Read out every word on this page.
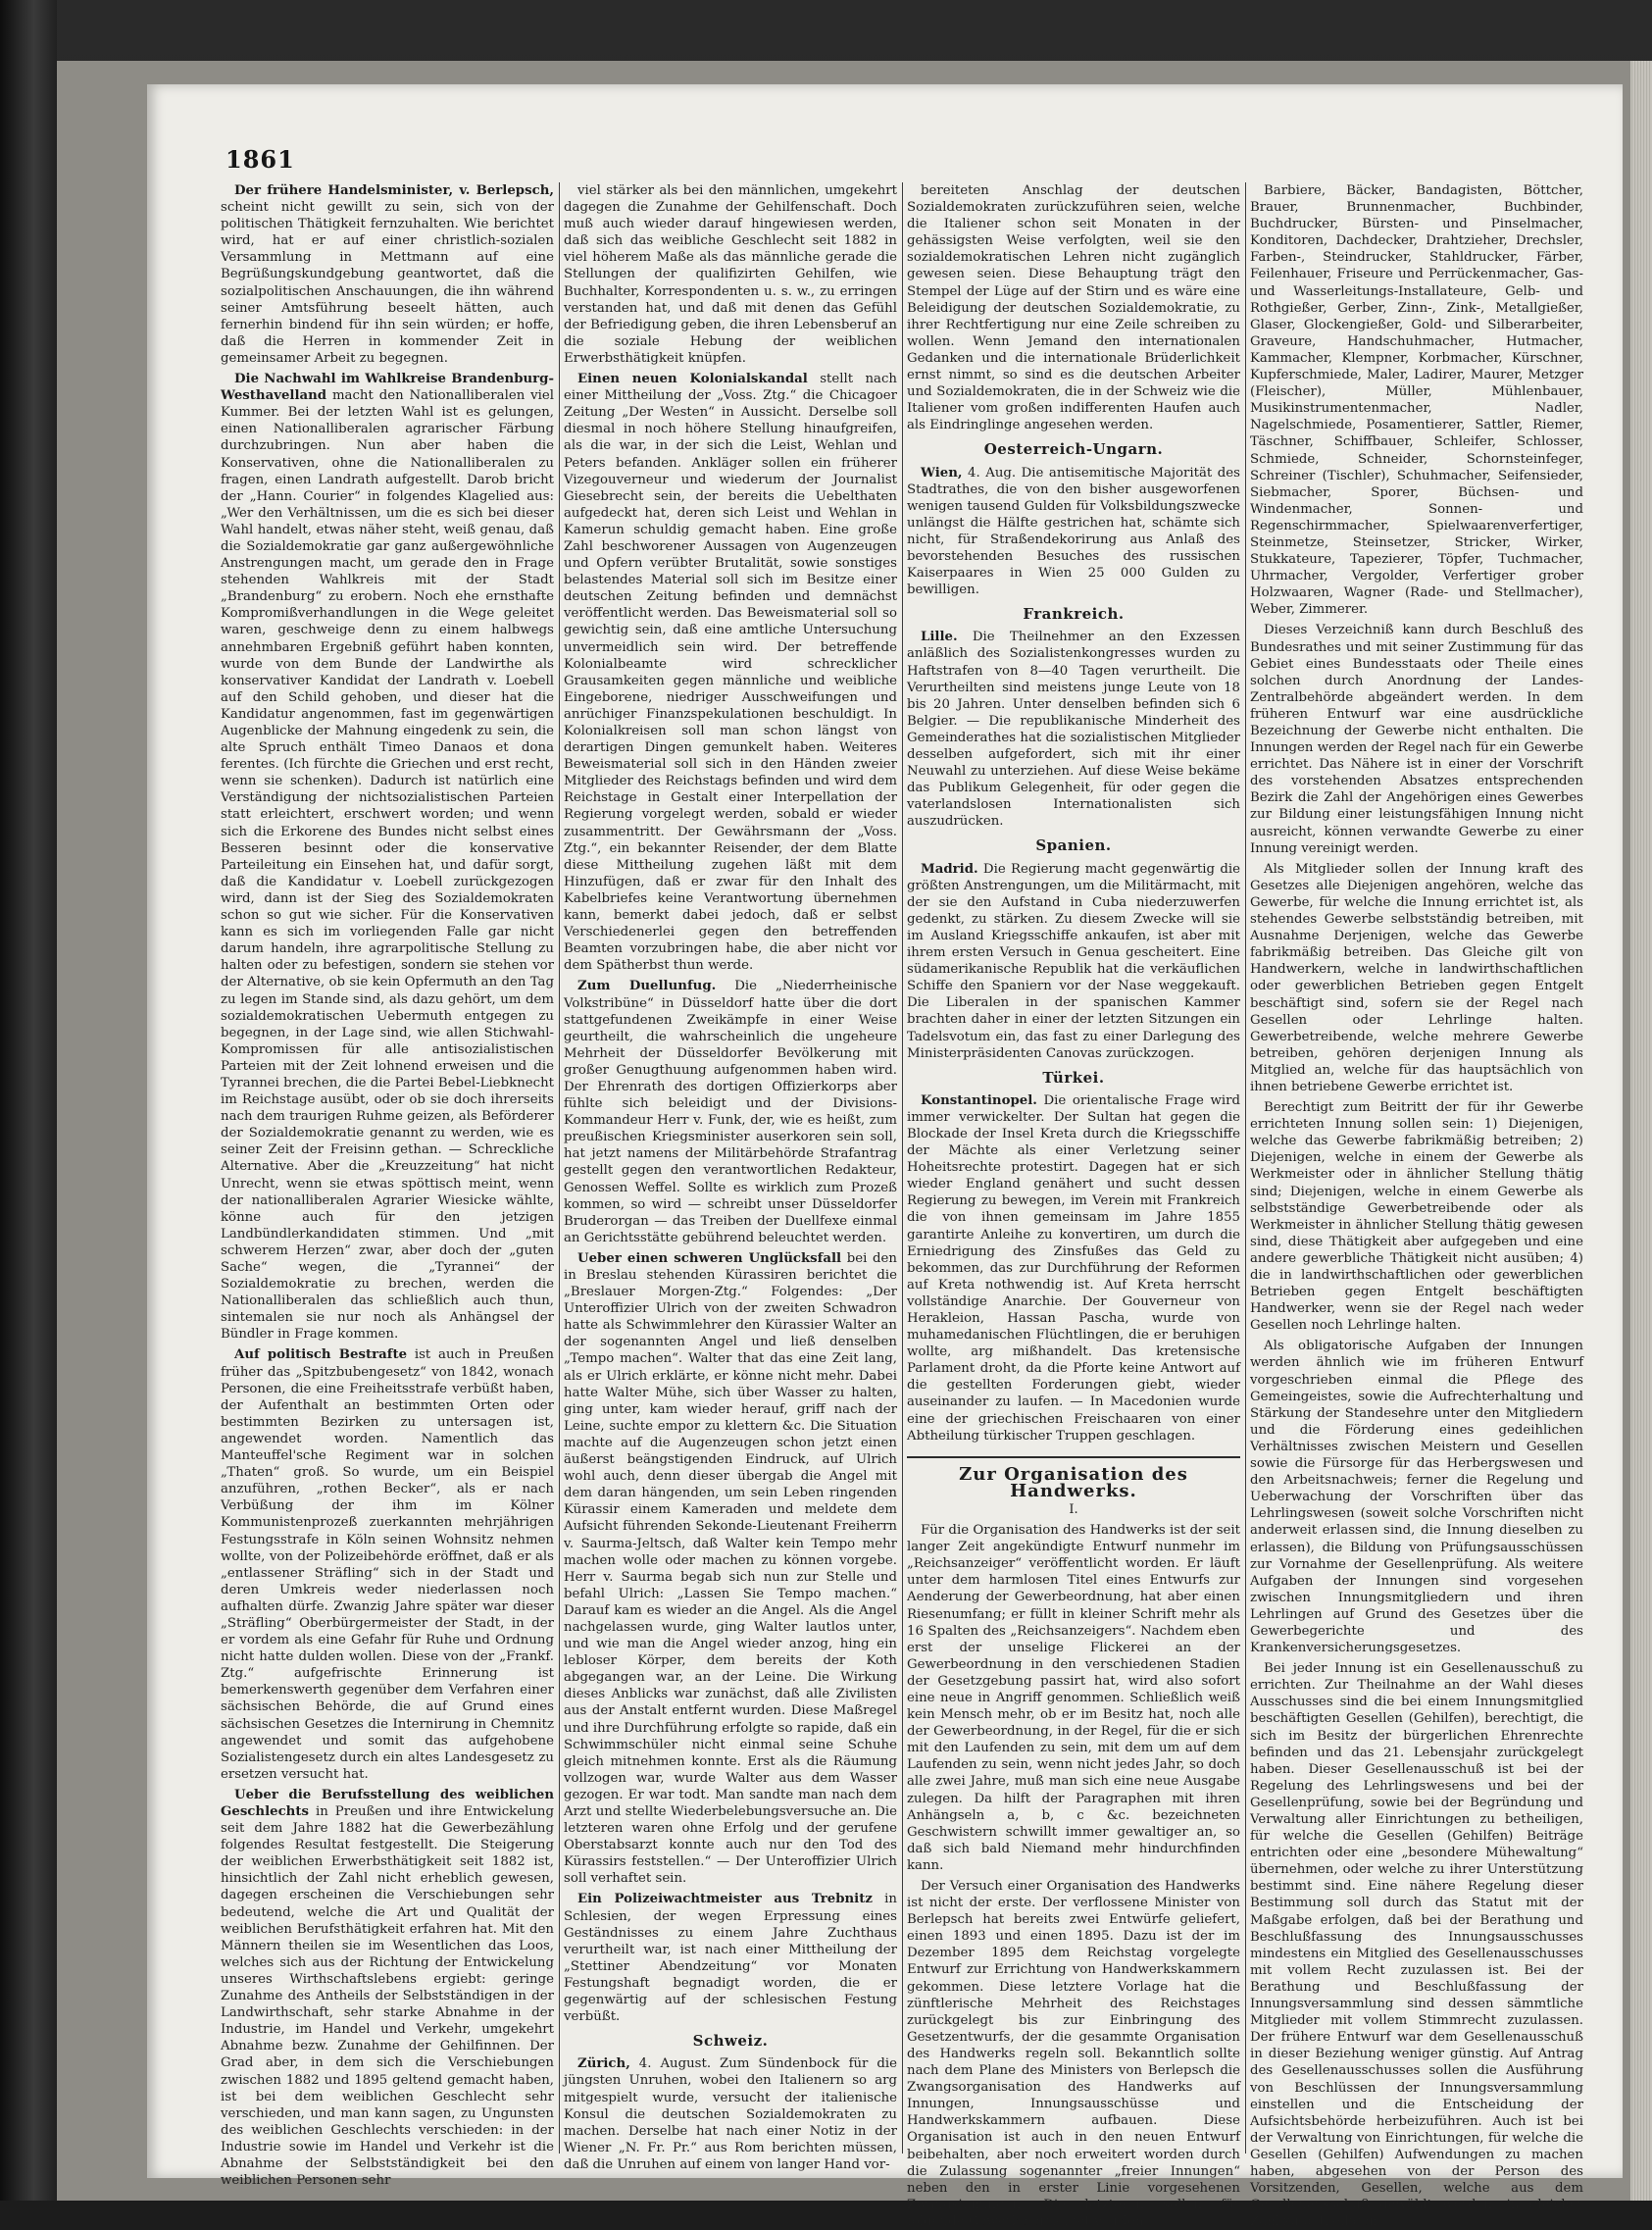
1861

Der frühere Handelsminister, v. Berlepsch, scheint nicht gewillt zu sein, sich von der politischen Thätigkeit fernzuhalten. Wie berichtet wird, hat er auf einer christlich-sozialen Versammlung in Mettmann auf eine Begrüßungskundgebung geantwortet, daß die sozialpolitischen Anschauungen, die ihn während seiner Amtsführung beseelt hätten, auch fernerhin bindend für ihn sein würden; er hoffe, daß die Herren in kommender Zeit in gemeinsamer Arbeit zu begegnen.

Die Nachwahl im Wahlkreise Brandenburg-Westhavelland macht den Nationalliberalen viel Kummer. Bei der letzten Wahl ist es gelungen, einen Nationalliberalen agrarischer Färbung durchzubringen. Nun aber haben die Konservativen, ohne die Nationalliberalen zu fragen, einen Landrath aufgestellt. Darob bricht der „Hann. Courier“ in folgendes Klagelied aus: „Wer den Verhältnissen, um die es sich bei dieser Wahl handelt, etwas näher steht, weiß genau, daß die Sozialdemokratie gar ganz außergewöhnliche Anstrengungen macht, um gerade den in Frage stehenden Wahlkreis mit der Stadt „Brandenburg“ zu erobern. Noch ehe ernsthafte Kompromißverhandlungen in die Wege geleitet waren, geschweige denn zu einem halbwegs annehmbaren Ergebniß geführt haben konnten, wurde von dem Bunde der Landwirthe als konservativer Kandidat der Landrath v. Loebell auf den Schild gehoben, und dieser hat die Kandidatur angenommen, fast im gegenwärtigen Augenblicke der Mahnung eingedenk zu sein, die alte Spruch enthält Timeo Danaos et dona ferentes. (Ich fürchte die Griechen und erst recht, wenn sie schenken). Dadurch ist natürlich eine Verständigung der nichtsozialistischen Parteien statt erleichtert, erschwert worden; und wenn sich die Erkorene des Bundes nicht selbst eines Besseren besinnt oder die konservative Parteileitung ein Einsehen hat, und dafür sorgt, daß die Kandidatur v. Loebell zurückgezogen wird, dann ist der Sieg des Sozialdemokraten schon so gut wie sicher. Für die Konservativen kann es sich im vorliegenden Falle gar nicht darum handeln, ihre agrarpolitische Stellung zu halten oder zu befestigen, sondern sie stehen vor der Alternative, ob sie kein Opfermuth an den Tag zu legen im Stande sind, als dazu gehört, um dem sozialdemokratischen Uebermuth entgegen zu begegnen, in der Lage sind, wie allen Stichwahl-Kompromissen für alle antisozialistischen Parteien mit der Zeit lohnend erweisen und die Tyrannei brechen, die die Partei Bebel-Liebknecht im Reichstage ausübt, oder ob sie doch ihrerseits nach dem traurigen Ruhme geizen, als Beförderer der Sozialdemokratie genannt zu werden, wie es seiner Zeit der Freisinn gethan. — Schreckliche Alternative. Aber die „Kreuzzeitung“ hat nicht Unrecht, wenn sie etwas spöttisch meint, wenn der nationalliberalen Agrarier Wiesicke wählte, könne auch für den jetzigen Landbündlerkandidaten stimmen. Und „mit schwerem Herzen“ zwar, aber doch der „guten Sache“ wegen, die „Tyrannei“ der Sozialdemokratie zu brechen, werden die Nationalliberalen das schließlich auch thun, sintemalen sie nur noch als Anhängsel der Bündler in Frage kommen.

Auf politisch Bestrafte ist auch in Preußen früher das „Spitzbubengesetz“ von 1842, wonach Personen, die eine Freiheitsstrafe verbüßt haben, der Aufenthalt an bestimmten Orten oder bestimmten Bezirken zu untersagen ist, angewendet worden. Namentlich das Manteuffel'sche Regiment war in solchen „Thaten“ groß. So wurde, um ein Beispiel anzuführen, „rothen Becker“, als er nach Verbüßung der ihm im Kölner Kommunistenprozeß zuerkannten mehrjährigen Festungsstrafe in Köln seinen Wohnsitz nehmen wollte, von der Polizeibehörde eröffnet, daß er als „entlassener Sträfling“ sich in der Stadt und deren Umkreis weder niederlassen noch aufhalten dürfe. Zwanzig Jahre später war dieser „Sträfling“ Oberbürgermeister der Stadt, in der er vordem als eine Gefahr für Ruhe und Ordnung nicht hatte dulden wollen. Diese von der „Frankf. Ztg.“ aufgefrischte Erinnerung ist bemerkenswerth gegenüber dem Verfahren einer sächsischen Behörde, die auf Grund eines sächsischen Gesetzes die Internirung in Chemnitz angewendet und somit das aufgehobene Sozialistengesetz durch ein altes Landesgesetz zu ersetzen versucht hat.

Ueber die Berufsstellung des weiblichen Geschlechts in Preußen und ihre Entwickelung seit dem Jahre 1882 hat die Gewerbezählung folgendes Resultat festgestellt. Die Steigerung der weiblichen Erwerbsthätigkeit seit 1882 ist, hinsichtlich der Zahl nicht erheblich gewesen, dagegen erscheinen die Verschiebungen sehr bedeutend, welche die Art und Qualität der weiblichen Berufsthätigkeit erfahren hat. Mit den Männern theilen sie im Wesentlichen das Loos, welches sich aus der Richtung der Entwickelung unseres Wirthschaftslebens ergiebt: geringe Zunahme des Antheils der Selbstständigen in der Landwirthschaft, sehr starke Abnahme in der Industrie, im Handel und Verkehr, umgekehrt Abnahme bezw. Zunahme der Gehilfinnen. Der Grad aber, in dem sich die Verschiebungen zwischen 1882 und 1895 geltend gemacht haben, ist bei dem weiblichen Geschlecht sehr verschieden, und man kann sagen, zu Ungunsten des weiblichen Geschlechts verschieden: in der Industrie sowie im Handel und Verkehr ist die Abnahme der Selbstständigkeit bei den weiblichen Personen sehr

viel stärker als bei den männlichen, umgekehrt dagegen die Zunahme der Gehilfenschaft. Doch muß auch wieder darauf hingewiesen werden, daß sich das weibliche Geschlecht seit 1882 in viel höherem Maße als das männliche gerade die Stellungen der qualifizirten Gehilfen, wie Buchhalter, Korrespondenten u. s. w., zu erringen verstanden hat, und daß mit denen das Gefühl der Befriedigung geben, die ihren Lebensberuf an die soziale Hebung der weiblichen Erwerbsthätigkeit knüpfen.

Einen neuen Kolonialskandal stellt nach einer Mittheilung der „Voss. Ztg.“ die Chicagoer Zeitung „Der Westen“ in Aussicht. Derselbe soll diesmal in noch höhere Stellung hinaufgreifen, als die war, in der sich die Leist, Wehlan und Peters befanden. Ankläger sollen ein früherer Vizegouverneur und wiederum der Journalist Giesebrecht sein, der bereits die Uebelthaten aufgedeckt hat, deren sich Leist und Wehlan in Kamerun schuldig gemacht haben. Eine große Zahl beschworener Aussagen von Augenzeugen und Opfern verübter Brutalität, sowie sonstiges belastendes Material soll sich im Besitze einer deutschen Zeitung befinden und demnächst veröffentlicht werden. Das Beweismaterial soll so gewichtig sein, daß eine amtliche Untersuchung unvermeidlich sein wird. Der betreffende Kolonialbeamte wird schrecklicher Grausamkeiten gegen männliche und weibliche Eingeborene, niedriger Ausschweifungen und anrüchiger Finanzspekulationen beschuldigt. In Kolonialkreisen soll man schon längst von derartigen Dingen gemunkelt haben. Weiteres Beweismaterial soll sich in den Händen zweier Mitglieder des Reichstags befinden und wird dem Reichstage in Gestalt einer Interpellation der Regierung vorgelegt werden, sobald er wieder zusammentritt. Der Gewährsmann der „Voss. Ztg.“, ein bekannter Reisender, der dem Blatte diese Mittheilung zugehen läßt mit dem Hinzufügen, daß er zwar für den Inhalt des Kabelbriefes keine Verantwortung übernehmen kann, bemerkt dabei jedoch, daß er selbst Verschiedenerlei gegen den betreffenden Beamten vorzubringen habe, die aber nicht vor dem Spätherbst thun werde.

Zum Duellunfug. Die „Niederrheinische Volkstribüne“ in Düsseldorf hatte über die dort stattgefundenen Zweikämpfe in einer Weise geurtheilt, die wahrscheinlich die ungeheure Mehrheit der Düsseldorfer Bevölkerung mit großer Genugthuung aufgenommen haben wird. Der Ehrenrath des dortigen Offizierkorps aber fühlte sich beleidigt und der Divisions-Kommandeur Herr v. Funk, der, wie es heißt, zum preußischen Kriegsminister auserkoren sein soll, hat jetzt namens der Militärbehörde Strafantrag gestellt gegen den verantwortlichen Redakteur, Genossen Weffel. Sollte es wirklich zum Prozeß kommen, so wird — schreibt unser Düsseldorfer Bruderorgan — das Treiben der Duellfexe einmal an Gerichtsstätte gebührend beleuchtet werden.

Ueber einen schweren Unglücksfall bei den in Breslau stehenden Kürassiren berichtet die „Breslauer Morgen-Ztg.“ Folgendes: „Der Unteroffizier Ulrich von der zweiten Schwadron hatte als Schwimmlehrer den Kürassier Walter an der sogenannten Angel und ließ denselben „Tempo machen“. Walter that das eine Zeit lang, als er Ulrich erklärte, er könne nicht mehr. Dabei hatte Walter Mühe, sich über Wasser zu halten, ging unter, kam wieder herauf, griff nach der Leine, suchte empor zu klettern &c. Die Situation machte auf die Augenzeugen schon jetzt einen äußerst beängstigenden Eindruck, auf Ulrich wohl auch, denn dieser übergab die Angel mit dem daran hängenden, um sein Leben ringenden Kürassir einem Kameraden und meldete dem Aufsicht führenden Sekonde-Lieutenant Freiherrn v. Saurma-Jeltsch, daß Walter kein Tempo mehr machen wolle oder machen zu können vorgebe. Herr v. Saurma begab sich nun zur Stelle und befahl Ulrich: „Lassen Sie Tempo machen.“ Darauf kam es wieder an die Angel. Als die Angel nachgelassen wurde, ging Walter lautlos unter, und wie man die Angel wieder anzog, hing ein lebloser Körper, dem bereits der Koth abgegangen war, an der Leine. Die Wirkung dieses Anblicks war zunächst, daß alle Zivilisten aus der Anstalt entfernt wurden. Diese Maßregel und ihre Durchführung erfolgte so rapide, daß ein Schwimmschüler nicht einmal seine Schuhe gleich mitnehmen konnte. Erst als die Räumung vollzogen war, wurde Walter aus dem Wasser gezogen. Er war todt. Man sandte man nach dem Arzt und stellte Wiederbelebungsversuche an. Die letzteren waren ohne Erfolg und der gerufene Oberstabsarzt konnte auch nur den Tod des Kürassirs feststellen.“ — Der Unteroffizier Ulrich soll verhaftet sein.

Ein Polizeiwachtmeister aus Trebnitz in Schlesien, der wegen Erpressung eines Geständnisses zu einem Jahre Zuchthaus verurtheilt war, ist nach einer Mittheilung der „Stettiner Abendzeitung“ vor Monaten Festungshaft begnadigt worden, die er gegenwärtig auf der schlesischen Festung verbüßt.

Schweiz.

Zürich, 4. August. Zum Sündenbock für die jüngsten Unruhen, wobei den Italienern so arg mitgespielt wurde, versucht der italienische Konsul die deutschen Sozialdemokraten zu machen. Derselbe hat nach einer Notiz in der Wiener „N. Fr. Pr.“ aus Rom berichten müssen, daß die Unruhen auf einem von langer Hand vor-

bereiteten Anschlag der deutschen Sozialdemokraten zurückzuführen seien, welche die Italiener schon seit Monaten in der gehässigsten Weise verfolgten, weil sie den sozialdemokratischen Lehren nicht zugänglich gewesen seien. Diese Behauptung trägt den Stempel der Lüge auf der Stirn und es wäre eine Beleidigung der deutschen Sozialdemokratie, zu ihrer Rechtfertigung nur eine Zeile schreiben zu wollen. Wenn Jemand den internationalen Gedanken und die internationale Brüderlichkeit ernst nimmt, so sind es die deutschen Arbeiter und Sozialdemokraten, die in der Schweiz wie die Italiener vom großen indifferenten Haufen auch als Eindringlinge angesehen werden.

Oesterreich-Ungarn.

Wien, 4. Aug. Die antisemitische Majorität des Stadtrathes, die von den bisher ausgeworfenen wenigen tausend Gulden für Volksbildungszwecke unlängst die Hälfte gestrichen hat, schämte sich nicht, für Straßendekorirung aus Anlaß des bevorstehenden Besuches des russischen Kaiserpaares in Wien 25 000 Gulden zu bewilligen.

Frankreich.

Lille. Die Theilnehmer an den Exzessen anläßlich des Sozialistenkongresses wurden zu Haftstrafen von 8—40 Tagen verurtheilt. Die Verurtheilten sind meistens junge Leute von 18 bis 20 Jahren. Unter denselben befinden sich 6 Belgier. — Die republikanische Minderheit des Gemeinderathes hat die sozialistischen Mitglieder desselben aufgefordert, sich mit ihr einer Neuwahl zu unterziehen. Auf diese Weise bekäme das Publikum Gelegenheit, für oder gegen die vaterlandslosen Internationalisten sich auszudrücken.

Spanien.

Madrid. Die Regierung macht gegenwärtig die größten Anstrengungen, um die Militärmacht, mit der sie den Aufstand in Cuba niederzuwerfen gedenkt, zu stärken. Zu diesem Zwecke will sie im Ausland Kriegsschiffe ankaufen, ist aber mit ihrem ersten Versuch in Genua gescheitert. Eine südamerikanische Republik hat die verkäuflichen Schiffe den Spaniern vor der Nase weggekauft. Die Liberalen in der spanischen Kammer brachten daher in einer der letzten Sitzungen ein Tadelsvotum ein, das fast zu einer Darlegung des Ministerpräsidenten Canovas zurückzogen.

Türkei.

Konstantinopel. Die orientalische Frage wird immer verwickelter. Der Sultan hat gegen die Blockade der Insel Kreta durch die Kriegsschiffe der Mächte als einer Verletzung seiner Hoheitsrechte protestirt. Dagegen hat er sich wieder England genähert und sucht dessen Regierung zu bewegen, im Verein mit Frankreich die von ihnen gemeinsam im Jahre 1855 garantirte Anleihe zu konvertiren, um durch die Erniedrigung des Zinsfußes das Geld zu bekommen, das zur Durchführung der Reformen auf Kreta nothwendig ist. Auf Kreta herrscht vollständige Anarchie. Der Gouverneur von Herakleion, Hassan Pascha, wurde von muhamedanischen Flüchtlingen, die er beruhigen wollte, arg mißhandelt. Das kretensische Parlament droht, da die Pforte keine Antwort auf die gestellten Forderungen giebt, wieder auseinander zu laufen. — In Macedonien wurde eine der griechischen Freischaaren von einer Abtheilung türkischer Truppen geschlagen.

Zur Organisation des Handwerks.
I.

Für die Organisation des Handwerks ist der seit langer Zeit angekündigte Entwurf nunmehr im „Reichsanzeiger“ veröffentlicht worden. Er läuft unter dem harmlosen Titel eines Entwurfs zur Aenderung der Gewerbeordnung, hat aber einen Riesenumfang; er füllt in kleiner Schrift mehr als 16 Spalten des „Reichsanzeigers“. Nachdem eben erst der unselige Flickerei an der Gewerbeordnung in den verschiedenen Stadien der Gesetzgebung passirt hat, wird also sofort eine neue in Angriff genommen. Schließlich weiß kein Mensch mehr, ob er im Besitz hat, noch alle der Gewerbeordnung, in der Regel, für die er sich mit den Laufenden zu sein, mit dem um auf dem Laufenden zu sein, wenn nicht jedes Jahr, so doch alle zwei Jahre, muß man sich eine neue Ausgabe zulegen. Da hilft der Paragraphen mit ihren Anhängseln a, b, c &c. bezeichneten Geschwistern schwillt immer gewaltiger an, so daß sich bald Niemand mehr hindurchfinden kann.

Der Versuch einer Organisation des Handwerks ist nicht der erste. Der verflossene Minister von Berlepsch hat bereits zwei Entwürfe geliefert, einen 1893 und einen 1895. Dazu ist der im Dezember 1895 dem Reichstag vorgelegte Entwurf zur Errichtung von Handwerkskammern gekommen. Diese letztere Vorlage hat die zünftlerische Mehrheit des Reichstages zurückgelegt bis zur Einbringung des Gesetzentwurfs, der die gesammte Organisation des Handwerks regeln soll. Bekanntlich sollte nach dem Plane des Ministers von Berlepsch die Zwangsorganisation des Handwerks auf Innungen, Innungsausschüsse und Handwerkskammern aufbauen. Diese Organisation ist auch in den neuen Entwurf beibehalten, aber noch erweitert worden durch die Zulassung sogenannter „freier Innungen“ neben den in erster Linie vorgesehenen Zwangsinnungen. Die letzteren sollen für folgende Gewerbe errichtet werden:

Barbiere, Bäcker, Bandagisten, Böttcher, Brauer, Brunnenmacher, Buchbinder, Buchdrucker, Bürsten- und Pinselmacher, Konditoren, Dachdecker, Drahtzieher, Drechsler, Farben-, Steindrucker, Stahldrucker, Färber, Feilenhauer, Friseure und Perrückenmacher, Gas- und Wasserleitungs-Installateure, Gelb- und Rothgießer, Gerber, Zinn-, Zink-, Metallgießer, Glaser, Glockengießer, Gold- und Silberarbeiter, Graveure, Handschuhmacher, Hutmacher, Kammacher, Klempner, Korbmacher, Kürschner, Kupferschmiede, Maler, Ladirer, Maurer, Metzger (Fleischer), Müller, Mühlenbauer, Musikinstrumentenmacher, Nadler, Nagelschmiede, Posamentierer, Sattler, Riemer, Täschner, Schiffbauer, Schleifer, Schlosser, Schmiede, Schneider, Schornsteinfeger, Schreiner (Tischler), Schuhmacher, Seifensieder, Siebmacher, Sporer, Büchsen- und Windenmacher, Sonnen- und Regenschirmmacher, Spielwaarenverfertiger, Steinmetze, Steinsetzer, Stricker, Wirker, Stukkateure, Tapezierer, Töpfer, Tuchmacher, Uhrmacher, Vergolder, Verfertiger grober Holzwaaren, Wagner (Rade- und Stellmacher), Weber, Zimmerer.

Dieses Verzeichniß kann durch Beschluß des Bundesrathes und mit seiner Zustimmung für das Gebiet eines Bundesstaats oder Theile eines solchen durch Anordnung der Landes-Zentralbehörde abgeändert werden. In dem früheren Entwurf war eine ausdrückliche Bezeichnung der Gewerbe nicht enthalten. Die Innungen werden der Regel nach für ein Gewerbe errichtet. Das Nähere ist in einer der Vorschrift des vorstehenden Absatzes entsprechenden Bezirk die Zahl der Angehörigen eines Gewerbes zur Bildung einer leistungsfähigen Innung nicht ausreicht, können verwandte Gewerbe zu einer Innung vereinigt werden.

Als Mitglieder sollen der Innung kraft des Gesetzes alle Diejenigen angehören, welche das Gewerbe, für welche die Innung errichtet ist, als stehendes Gewerbe selbstständig betreiben, mit Ausnahme Derjenigen, welche das Gewerbe fabrikmäßig betreiben. Das Gleiche gilt von Handwerkern, welche in landwirthschaftlichen oder gewerblichen Betrieben gegen Entgelt beschäftigt sind, sofern sie der Regel nach Gesellen oder Lehrlinge halten. Gewerbetreibende, welche mehrere Gewerbe betreiben, gehören derjenigen Innung als Mitglied an, welche für das hauptsächlich von ihnen betriebene Gewerbe errichtet ist.

Berechtigt zum Beitritt der für ihr Gewerbe errichteten Innung sollen sein: 1) Diejenigen, welche das Gewerbe fabrikmäßig betreiben; 2) Diejenigen, welche in einem der Gewerbe als Werkmeister oder in ähnlicher Stellung thätig sind; Diejenigen, welche in einem Gewerbe als selbstständige Gewerbetreibende oder als Werkmeister in ähnlicher Stellung thätig gewesen sind, diese Thätigkeit aber aufgegeben und eine andere gewerbliche Thätigkeit nicht ausüben; 4) die in landwirthschaftlichen oder gewerblichen Betrieben gegen Entgelt beschäftigten Handwerker, wenn sie der Regel nach weder Gesellen noch Lehrlinge halten.

Als obligatorische Aufgaben der Innungen werden ähnlich wie im früheren Entwurf vorgeschrieben einmal die Pflege des Gemeingeistes, sowie die Aufrechterhaltung und Stärkung der Standesehre unter den Mitgliedern und die Förderung eines gedeihlichen Verhältnisses zwischen Meistern und Gesellen sowie die Fürsorge für das Herbergswesen und den Arbeitsnachweis; ferner die Regelung und Ueberwachung der Vorschriften über das Lehrlingswesen (soweit solche Vorschriften nicht anderweit erlassen sind, die Innung dieselben zu erlassen), die Bildung von Prüfungsausschüssen zur Vornahme der Gesellenprüfung. Als weitere Aufgaben der Innungen sind vorgesehen zwischen Innungsmitgliedern und ihren Lehrlingen auf Grund des Gesetzes über die Gewerbegerichte und des Krankenversicherungsgesetzes.

Bei jeder Innung ist ein Gesellenausschuß zu errichten. Zur Theilnahme an der Wahl dieses Ausschusses sind die bei einem Innungsmitglied beschäftigten Gesellen (Gehilfen), berechtigt, die sich im Besitz der bürgerlichen Ehrenrechte befinden und das 21. Lebensjahr zurückgelegt haben. Dieser Gesellenausschuß ist bei der Regelung des Lehrlingswesens und bei der Gesellenprüfung, sowie bei der Begründung und Verwaltung aller Einrichtungen zu betheiligen, für welche die Gesellen (Gehilfen) Beiträge entrichten oder eine „besondere Mühewaltung“ übernehmen, oder welche zu ihrer Unterstützung bestimmt sind. Eine nähere Regelung dieser Bestimmung soll durch das Statut mit der Maßgabe erfolgen, daß bei der Berathung und Beschlußfassung des Innungsausschusses mindestens ein Mitglied des Gesellenausschusses mit vollem Recht zuzulassen ist. Bei der Berathung und Beschlußfassung der Innungsversammlung sind dessen sämmtliche Mitglieder mit vollem Stimmrecht zuzulassen. Der frühere Entwurf war dem Gesellenausschuß in dieser Beziehung weniger günstig. Auf Antrag des Gesellenausschusses sollen die Ausführung von Beschlüssen der Innungsversammlung einstellen und die Entscheidung der Aufsichtsbehörde herbeizuführen. Auch ist bei der Verwaltung von Einrichtungen, für welche die Gesellen (Gehilfen) Aufwendungen zu machen haben, abgesehen von der Person des Vorsitzenden, Gesellen, welche aus dem Gesellenausschuß gewählt werden, in gleicher Zahl zu betheiligen,
